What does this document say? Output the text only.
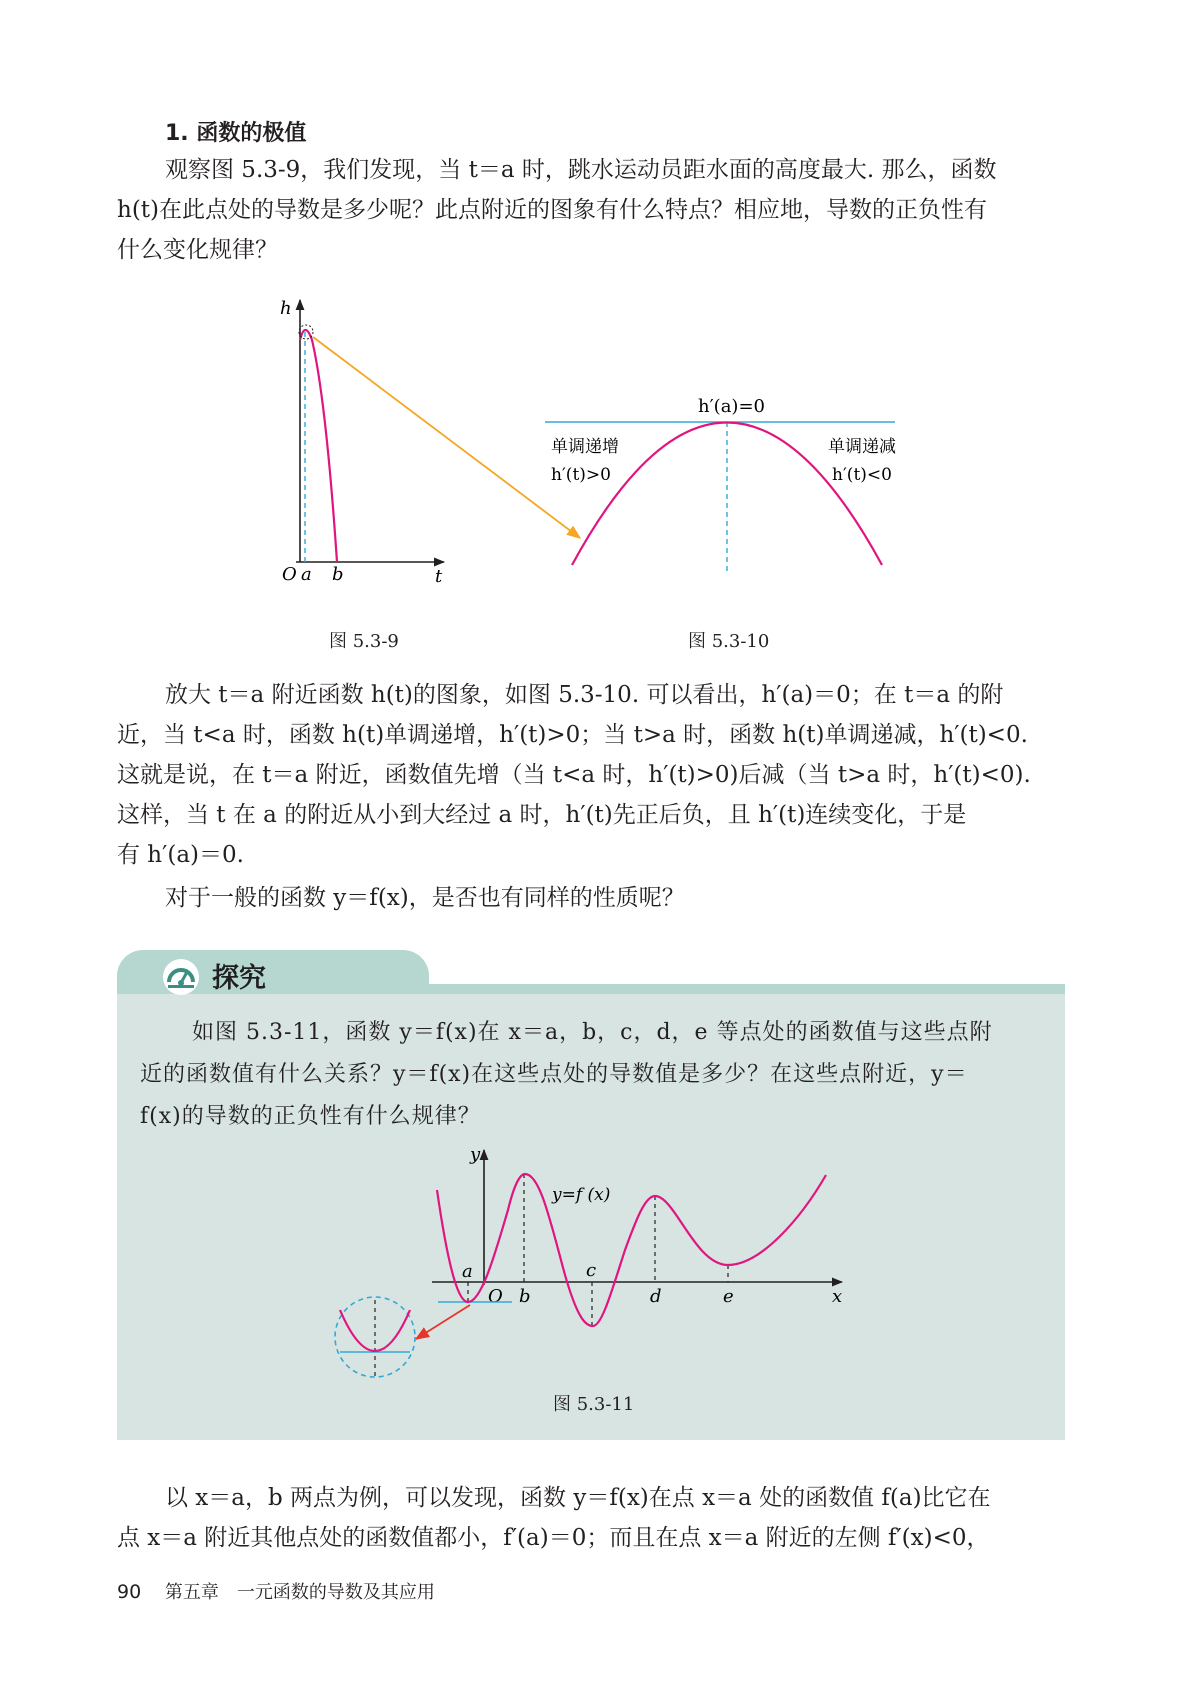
1. 函数的极值

观察图 5.3-9，我们发现，当 t＝a 时，跳水运动员距水面的高度最大. 那么，函数

h(t)在此点处的导数是多少呢？此点附近的图象有什么特点？相应地，导数的正负性有

什么变化规律？

h
t
O a b
h′(a)=0
单调递增
h′(t)>0
单调递减
h′(t)<0
图 5.3-9	图 5.3-10

放大 t＝a 附近函数 h(t)的图象，如图 5.3-10. 可以看出，h′(a)＝0；在 t＝a 的附

近，当 t<a 时，函数 h(t)单调递增，h′(t)>0；当 t>a 时，函数 h(t)单调递减，h′(t)<0.

这就是说，在 t＝a 附近，函数值先增（当 t<a 时，h′(t)>0)后减（当 t>a 时，h′(t)<0).

这样，当 t 在 a 的附近从小到大经过 a 时，h′(t)先正后负，且 h′(t)连续变化，于是

有 h′(a)＝0.

对于一般的函数 y＝f(x)，是否也有同样的性质呢？

探究

如图 5.3-11，函数 y＝f(x)在 x＝a，b，c，d，e 等点处的函数值与这些点附

近的函数值有什么关系？y＝f(x)在这些点处的导数值是多少？在这些点附近，y＝

f(x)的导数的正负性有什么规律？

y
x
O
y=f (x)
a
b
c
d	e
图 5.3-11

以 x＝a，b 两点为例，可以发现，函数 y＝f(x)在点 x＝a 处的函数值 f(a)比它在

点 x＝a 附近其他点处的函数值都小，f′(a)＝0；而且在点 x＝a 附近的左侧 f′(x)<0，

90 第五章　一元函数的导数及其应用
